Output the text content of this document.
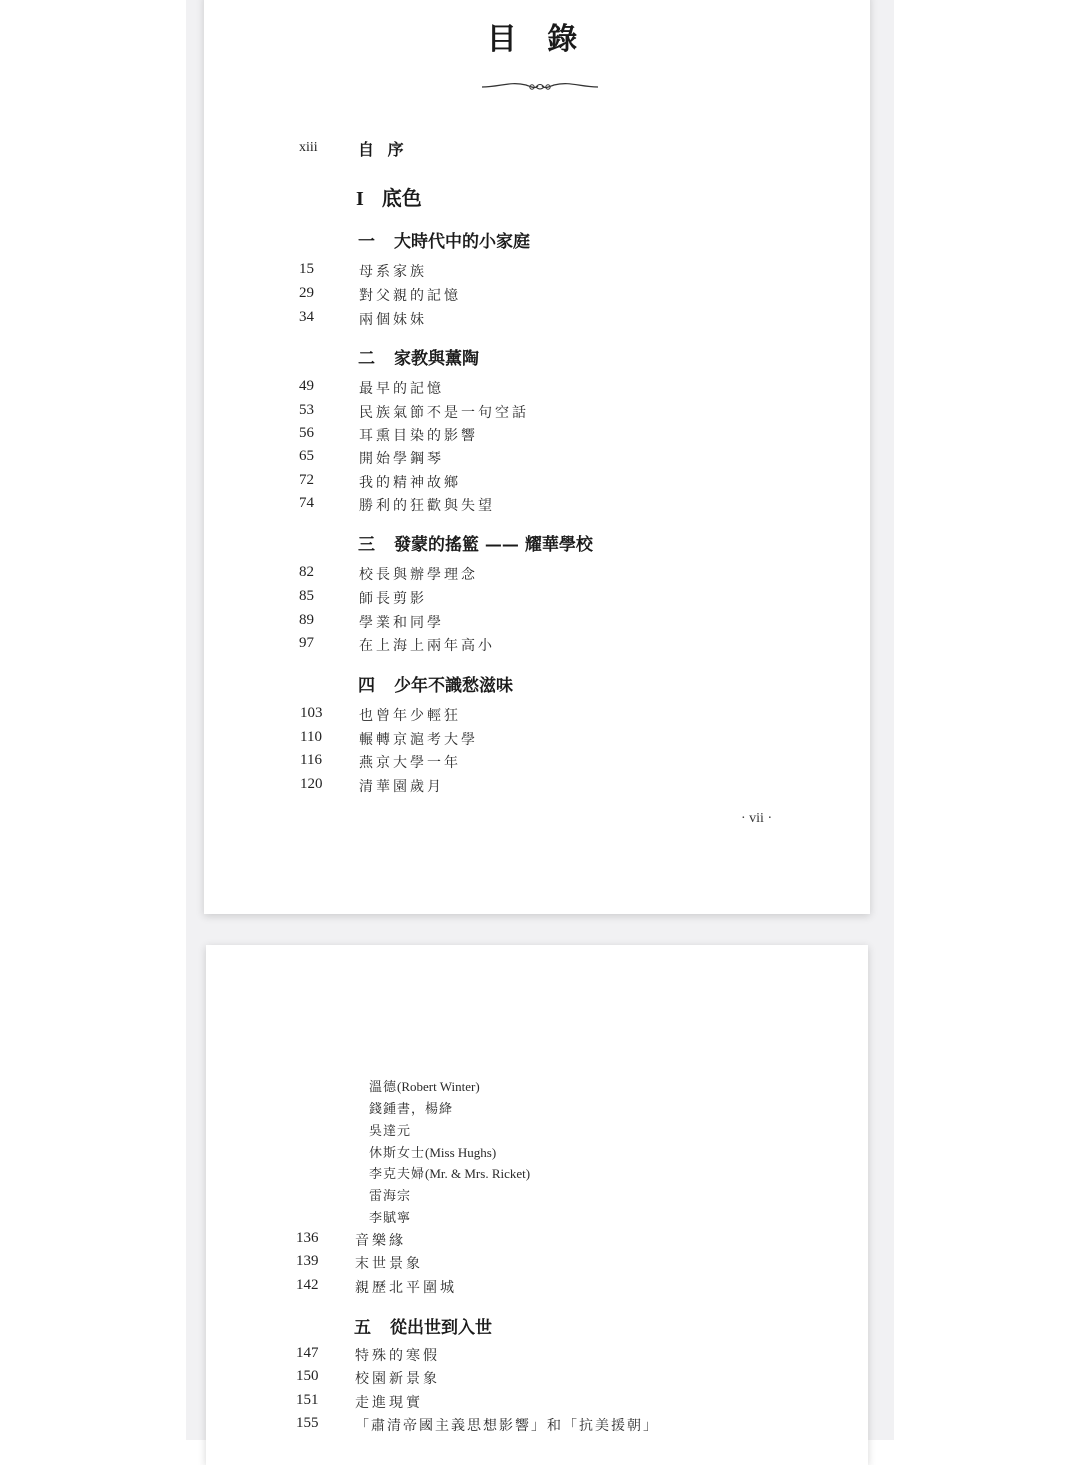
目 錄
xiii	自 序
I 底色
一 大時代中的小家庭
15	母系家族
29	對父親的記憶
34	兩個妹妹
二 家教與薰陶
49	最早的記憶
53	民族氣節不是一句空話
56	耳熏目染的影響
65	開始學鋼琴
72	我的精神故鄉
74	勝利的狂歡與失望
三 發蒙的搖籃 —— 耀華學校
82	校長與辦學理念
85	師長剪影
89	學業和同學
97	在上海上兩年高小
四 少年不識愁滋味
103	也曾年少輕狂
110	輾轉京滬考大學
116	燕京大學一年
120	清華園歲月
· vii ·
溫德(Robert Winter)
錢鍾書，楊絳
吳達元
休斯女士(Miss Hughs)
李克夫婦(Mr. & Mrs. Ricket)
雷海宗
李賦寧
136	音樂緣
139	末世景象
142	親歷北平圍城
五 從出世到入世
147	特殊的寒假
150	校園新景象
151	走進現實
155	「肅清帝國主義思想影響」和「抗美援朝」
